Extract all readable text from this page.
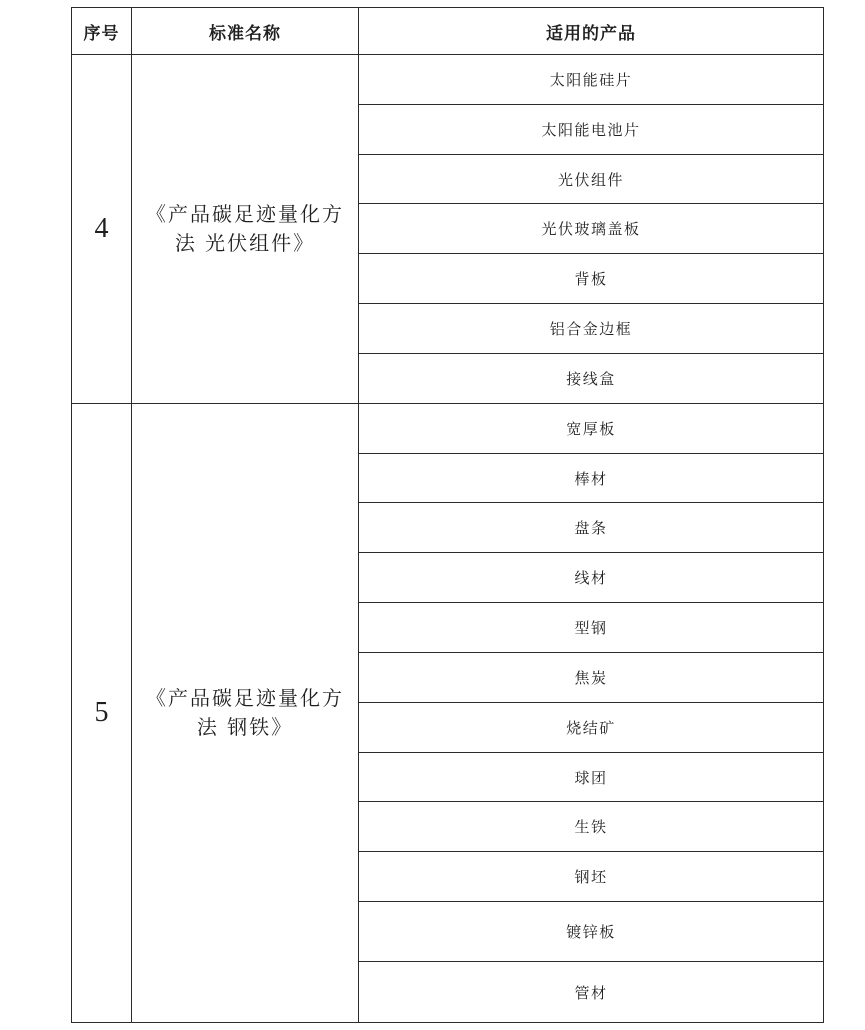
序号	标准名称	适用的产品
4	《产品碳足迹量化方法 光伏组件》	太阳能硅片
		太阳能电池片
		光伏组件
		光伏玻璃盖板
		背板
		铝合金边框
		接线盒
5	《产品碳足迹量化方法 钢铁》	宽厚板
		棒材
		盘条
		线材
		型钢
		焦炭
		烧结矿
		球团
		生铁
		钢坯
		镀锌板
		管材
